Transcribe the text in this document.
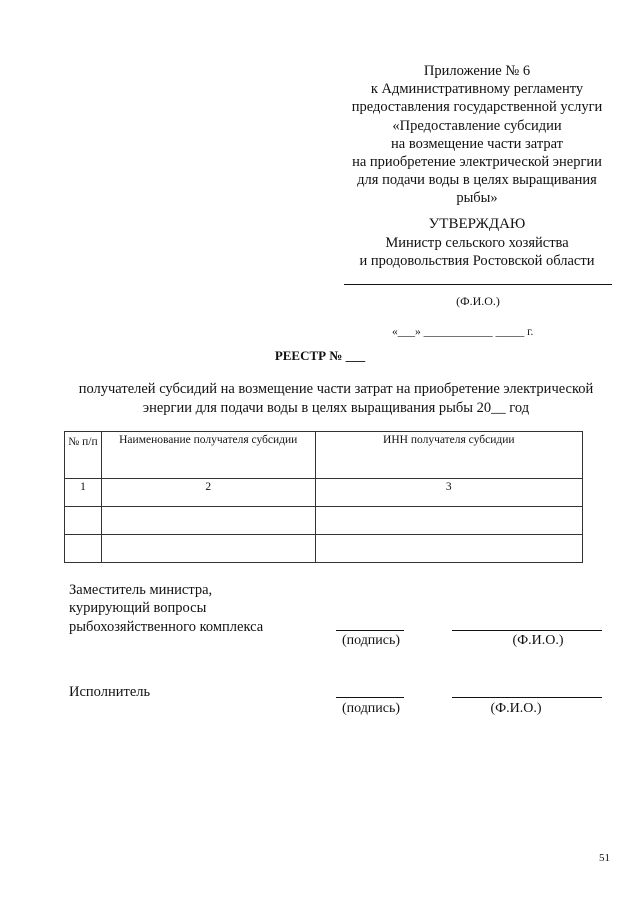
Приложение № 6
к Административному регламенту
предоставления государственной услуги
«Предоставление субсидии
на возмещение части затрат
на приобретение электрической энергии
для подачи воды в целях выращивания
рыбы»
УТВЕРЖДАЮ
Министр сельского хозяйства
и продовольствия Ростовской области
(Ф.И.О.)
«___» ____________ _____ г.
РЕЕСТР № ___
получателей субсидий на возмещение части затрат на приобретение электрической
энергии для подачи воды в целях выращивания рыбы 20__ год
№ п/п	Наименование получателя субсидии	ИНН получателя субсидии
1	2	3

Заместитель министра,
курирующий вопросы
рыбохозяйственного комплекса
(подпись)	(Ф.И.О.)
Исполнитель
(подпись)	(Ф.И.О.)
51
